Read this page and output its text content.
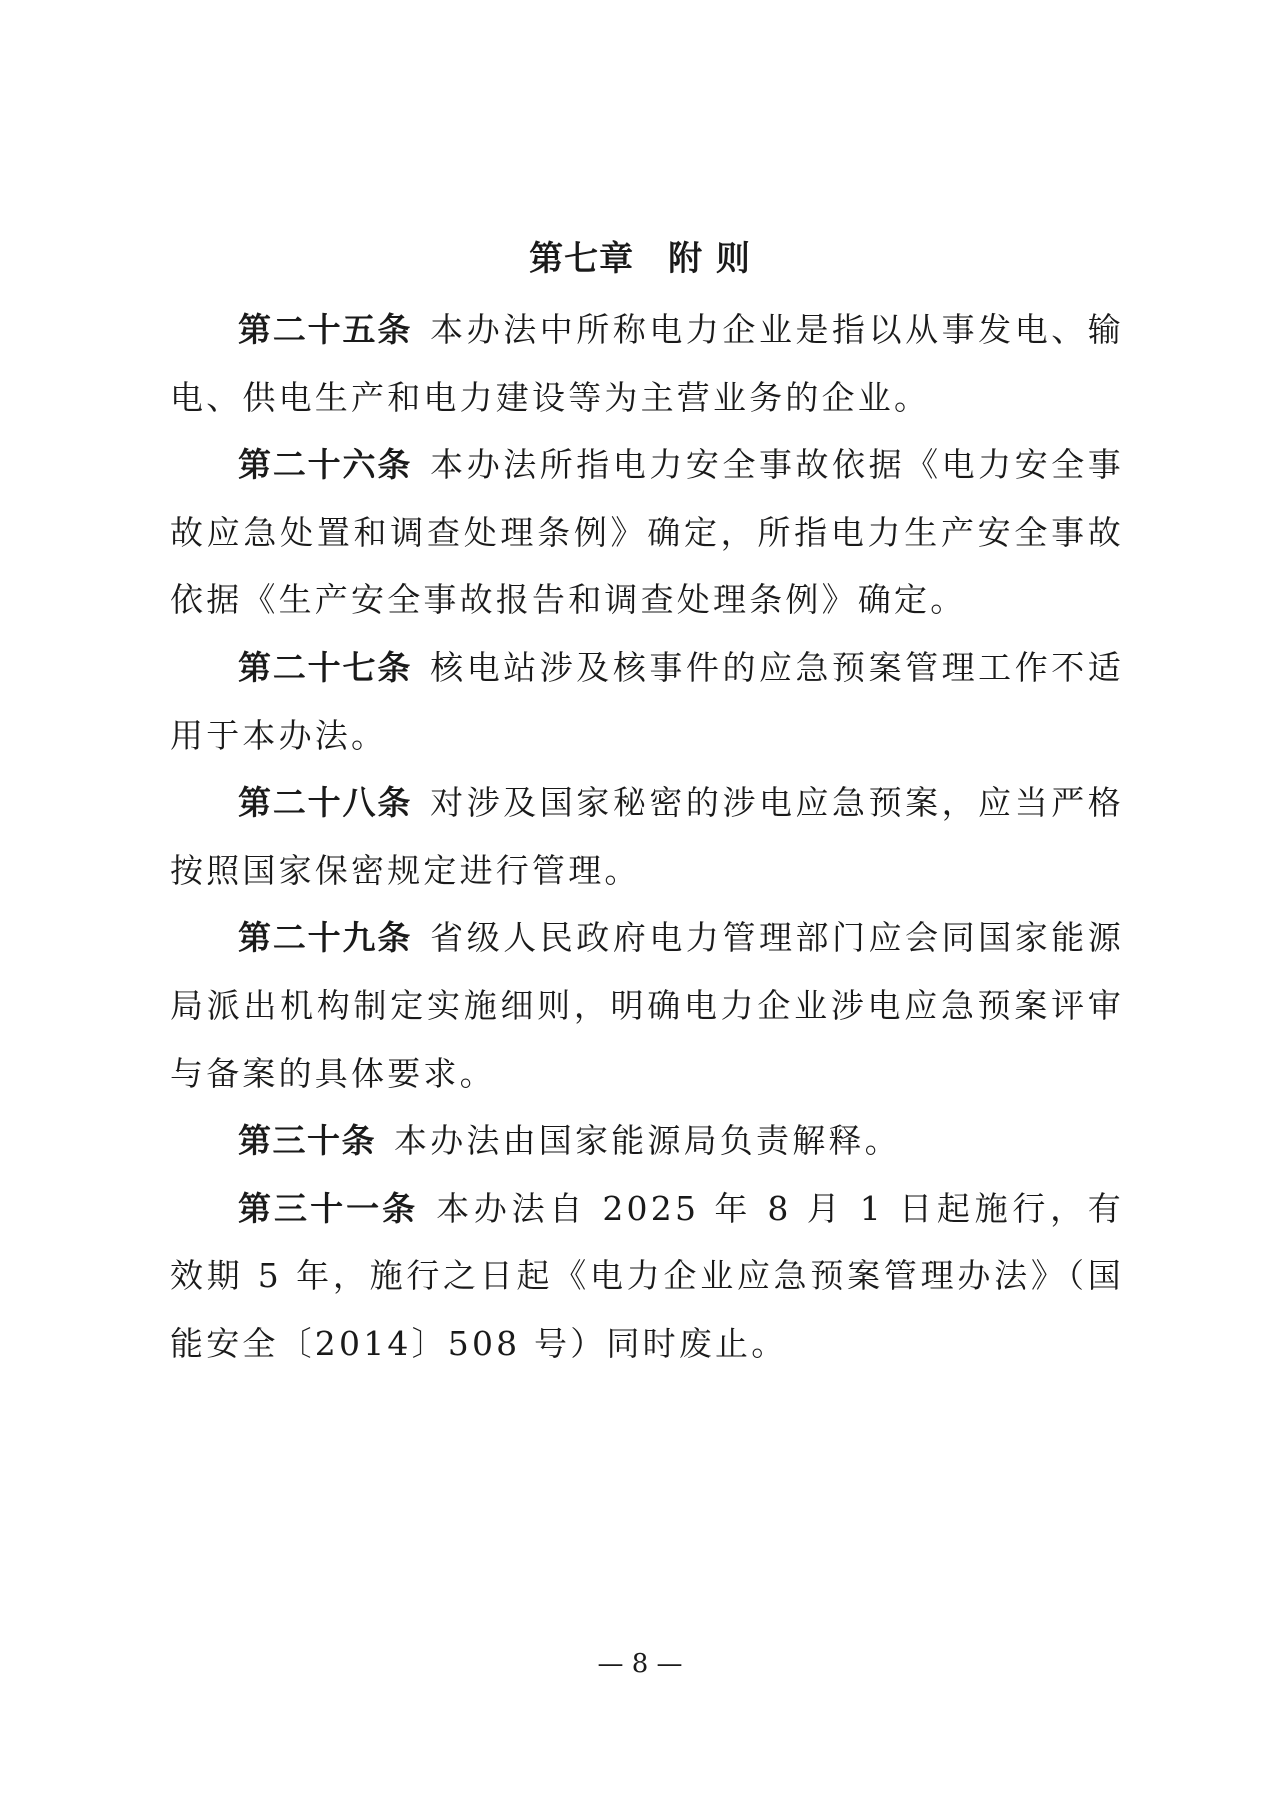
第七章 附 则

第二十五条 本办法中所称电力企业是指以从事发电、输电、供电生产和电力建设等为主营业务的企业。

第二十六条 本办法所指电力安全事故依据《电力安全事故应急处置和调查处理条例》确定，所指电力生产安全事故依据《生产安全事故报告和调查处理条例》确定。

第二十七条 核电站涉及核事件的应急预案管理工作不适用于本办法。

第二十八条 对涉及国家秘密的涉电应急预案，应当严格按照国家保密规定进行管理。

第二十九条 省级人民政府电力管理部门应会同国家能源局派出机构制定实施细则，明确电力企业涉电应急预案评审与备案的具体要求。

第三十条 本办法由国家能源局负责解释。

第三十一条 本办法自 2025 年 8 月 1 日起施行，有效期 5 年，施行之日起《电力企业应急预案管理办法》（国能安全〔2014〕508 号）同时废止。

— 8 —
